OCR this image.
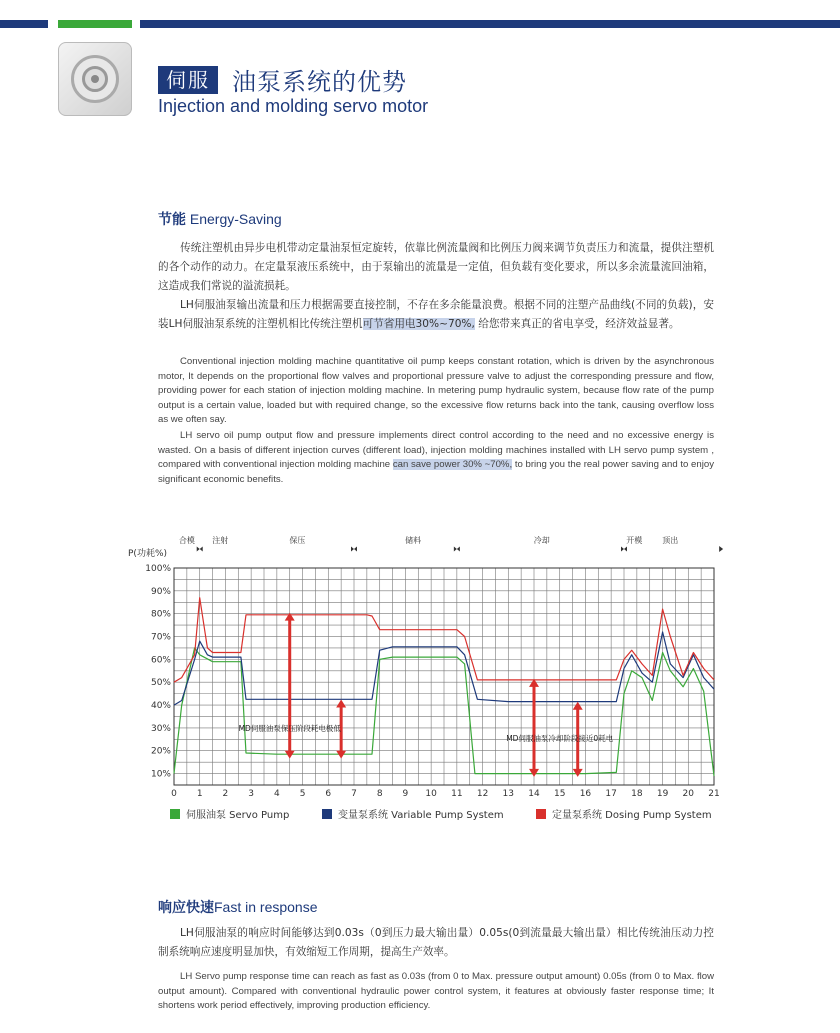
伺服 油泵系统的优势
Injection and molding servo motor
节能 Energy-Saving
传统注塑机由异步电机带动定量油泵恒定旋转，依靠比例流量阀和比例压力阀来调节负责压力和流量，提供注塑机的各个动作的动力。在定量泵液压系统中，由于泵输出的流量是一定值，但负载有变化要求，所以多余流量流回油箱，这造成我们常说的溢流损耗。
LH伺服油泵输出流量和压力根据需要直接控制，不存在多余能量浪费。根据不同的注塑产品曲线(不同的负载)，安装LH伺服油泵系统的注塑机相比传统注塑机可节省用电30%~70%, 给您带来真正的省电享受，经济效益显著。
Conventional injection molding machine quantitative oil pump keeps constant rotation, which is driven by the asynchronous motor, It depends on the proportional flow valves and proportional pressure valve to adjust the corresponding pressure and flow, providing power for each station of injection molding machine. In metering pump hydraulic system, because flow rate of the pump output is a certain value, loaded but with required change, so the excessive flow returns back into the tank, causing overflow loss as we often say.
LH servo oil pump output flow and pressure implements direct control according to the need and no excessive energy is wasted. On a basis of different injection curves (different load), injection molding machines installed with LH servo pump system , compared with conventional injection molding machine can save power 30% ~70%, to bring you the real power saving and to enjoy significant economic benefits.
P(功耗%)
0 1 2 3 4 5 6 7 8 9 10 11 12 13 14 15 16 17 18 19 20 21
10%
20%
30%
40%
50%
60%
70%
80%
90%
100%
合模 注射	保压	储料	冷却	开模	顶出
MD伺服油泵保压阶段耗电极低
MD伺服油泵冷却阶段接近0耗电
伺服油泵 Servo Pump	变量泵系统 Variable Pump System	定量泵系统 Dosing Pump System
响应快速Fast in response
LH伺服油泵的响应时间能够达到0.03s（0到压力最大输出量）0.05s(0到流量最大输出量）相比传统油压动力控制系统响应速度明显加快，有效缩短工作周期，提高生产效率。
LH Servo pump response time can reach as fast as 0.03s (from 0 to Max. pressure output amount) 0.05s (from 0 to Max. flow output amount). Compared with conventional hydraulic power control system, it features at obviously faster response time; It shortens work period effectively, improving production efficiency.
